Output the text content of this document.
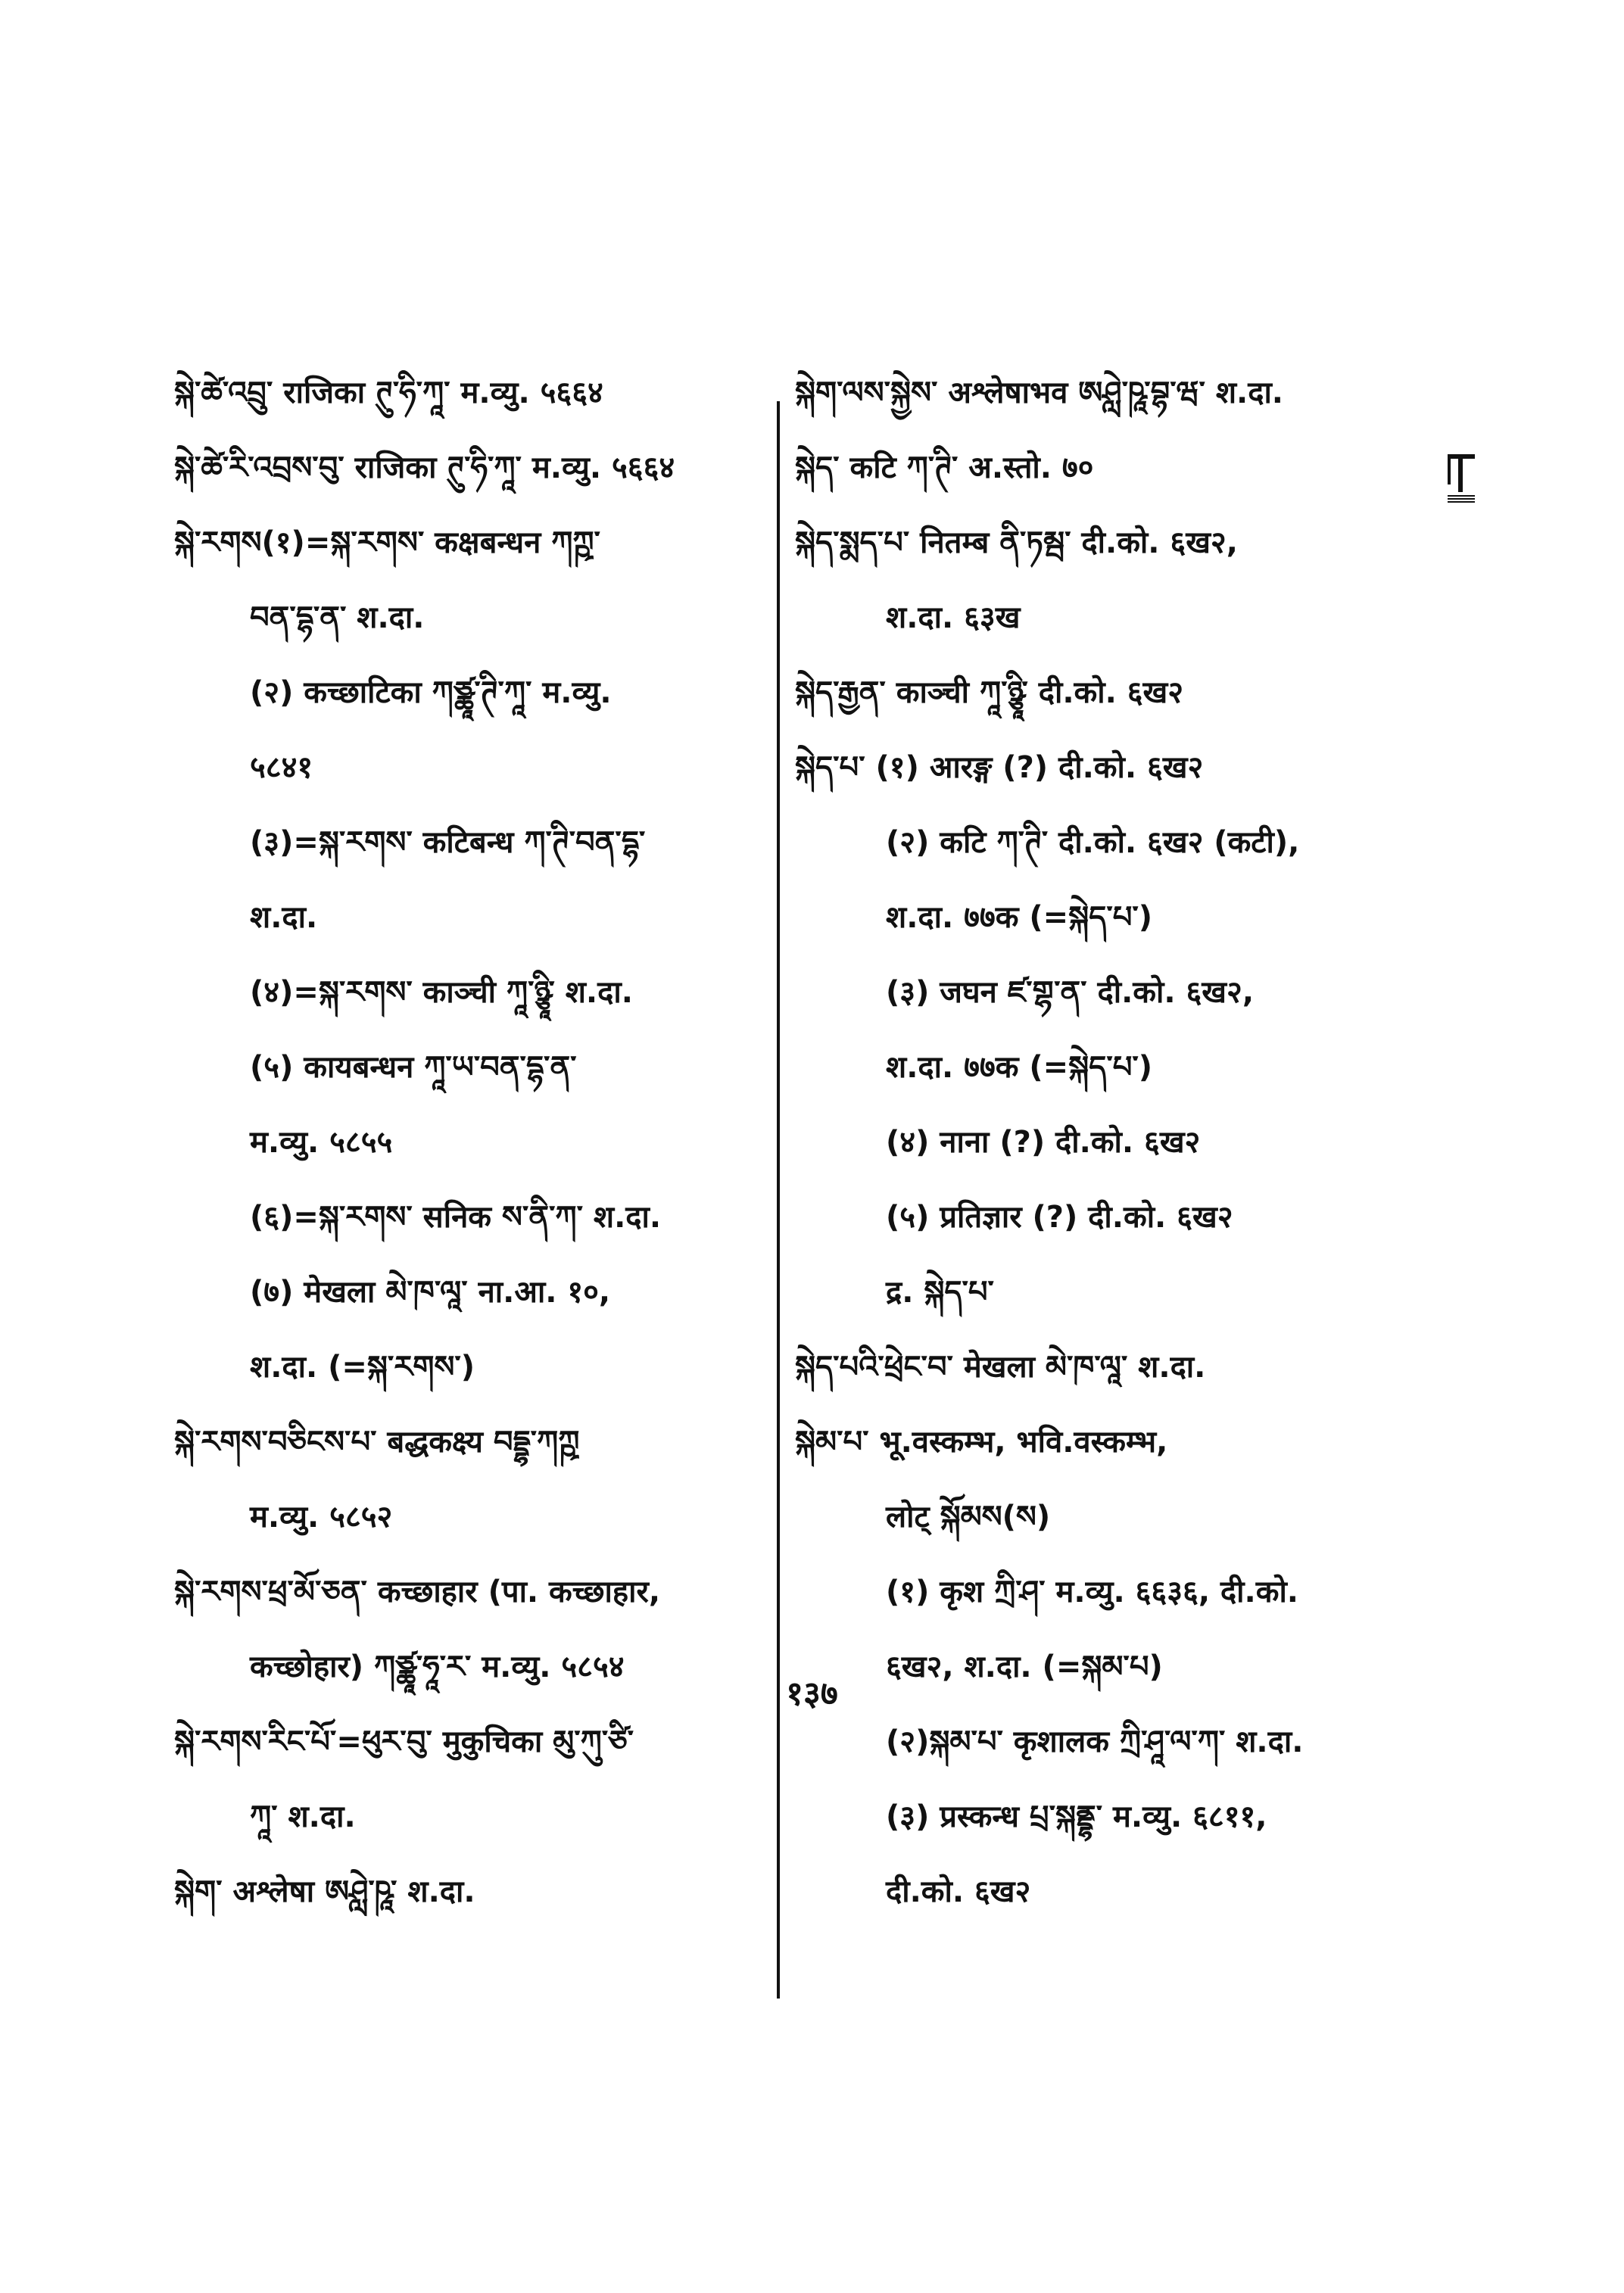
སྐེ་ཚེ་འབྲུ་ राजिका ཊུ་ཧི་ཀཱ་ म.व्यु. ५६६४
སྐེ་ཚེ་རི་འབྲས་བུ་ राजिका ཊུ་ཧི་ཀཱ་ म.व्यु. ५६६४
སྐེ་རགས(१)=སྐ་རགས་ कक्षबन्धन ཀཀྵ་
བན་དྷ་ན་ श.दा.
(२) कच्छाटिका ཀཙྪཱ་ཊི་ཀཱ་ म.व्यु.
५८४१
(३)=སྐ་རགས་ कटिबन्ध ཀ་ཊི་བན་དྷ་
श.दा.
(४)=སྐ་རགས་ काञ्ची ཀཱ་ཉྩཱི་ श.दा.
(५) कायबन्धन ཀཱ་ཡ་བན་དྷ་ན་
म.व्यु. ५८५५
(६)=སྐ་རགས་ सनिक ས་ནི་ཀ་ श.दा.
(७) मेखला མེ་ཁ་ལཱ་ ना.आ. १०,
श.दा. (=སྐ་རགས་)
སྐེ་རགས་བཅིངས་པ་ बद्धकक्ष्य བདྡྷ་ཀཀྵ
म.व्यु. ५८५२
སྐེ་རགས་ཕྲ་མོ་ཅན་ कच्छाहार (पा. कच्छाहार,
कच्छोहार) ཀཙྪཱ་ཧཱ་ར་ म.व्यु. ५८५४
སྐེ་རགས་རིང་པོ་=ཕུར་བུ་ मुकुचिका མུ་ཀུ་ཙི་
ཀཱ་ श.दा.
སྐེག་ अश्लेषा ཨཤླེ་ཥཱ་ श.दा.
སྐེག་ལས་སྐྱེས་ अश्लेषाभव ཨཤླེ་ཥཱ་བྷ་ཝ་ श.दा.
སྐེད་ कटि ཀ་ཊི་ अ.स्तो. ७०
སྐེད་སྨད་པ་ नितम्ब ནི་ཏམྦ་ दी.को. ६ख२,
श.दा. ६३ख
སྐེད་རྒྱན་ काञ्ची ཀཱ་ཉྩཱི་ दी.को. ६ख२
སྐེད་པ་ (१) आरङ्ग (?) दी.को. ६ख२
(२) कटि ཀ་ཊི་ दी.को. ६ख२ (कटी),
श.दा. ७७क (=སྐེད་པ་)
(३) जघन ཛ་གྷ་ན་ दी.को. ६ख२,
श.दा. ७७क (=སྐེད་པ་)
(४) नाना (?) दी.को. ६ख२
(५) प्रतिज्ञार (?) दी.को. ६ख२
द्र. སྐེད་པ་
སྐེད་པའི་ཕྲེང་བ་ मेखला མེ་ཁ་ལཱ་ श.दा.
སྐེམ་པ་ भू.वस्कम्भ, भवि.वस्कम्भ,
लोट् སྐོམས(ས)
(१) कृश ཀྲི་ཤ་ म.व्यु. ६६३६, दी.को.
६ख२, श.दा. (=སྐམ་པ)
(२)སྐམ་པ་ कृशालक ཀྲི་ཤཱ་ལ་ཀ་ श.दा.
(३) प्रस्कन्ध པྲ་སྐནྡྷ་ म.व्यु. ६८११,
दी.को. ६ख२
१३७
